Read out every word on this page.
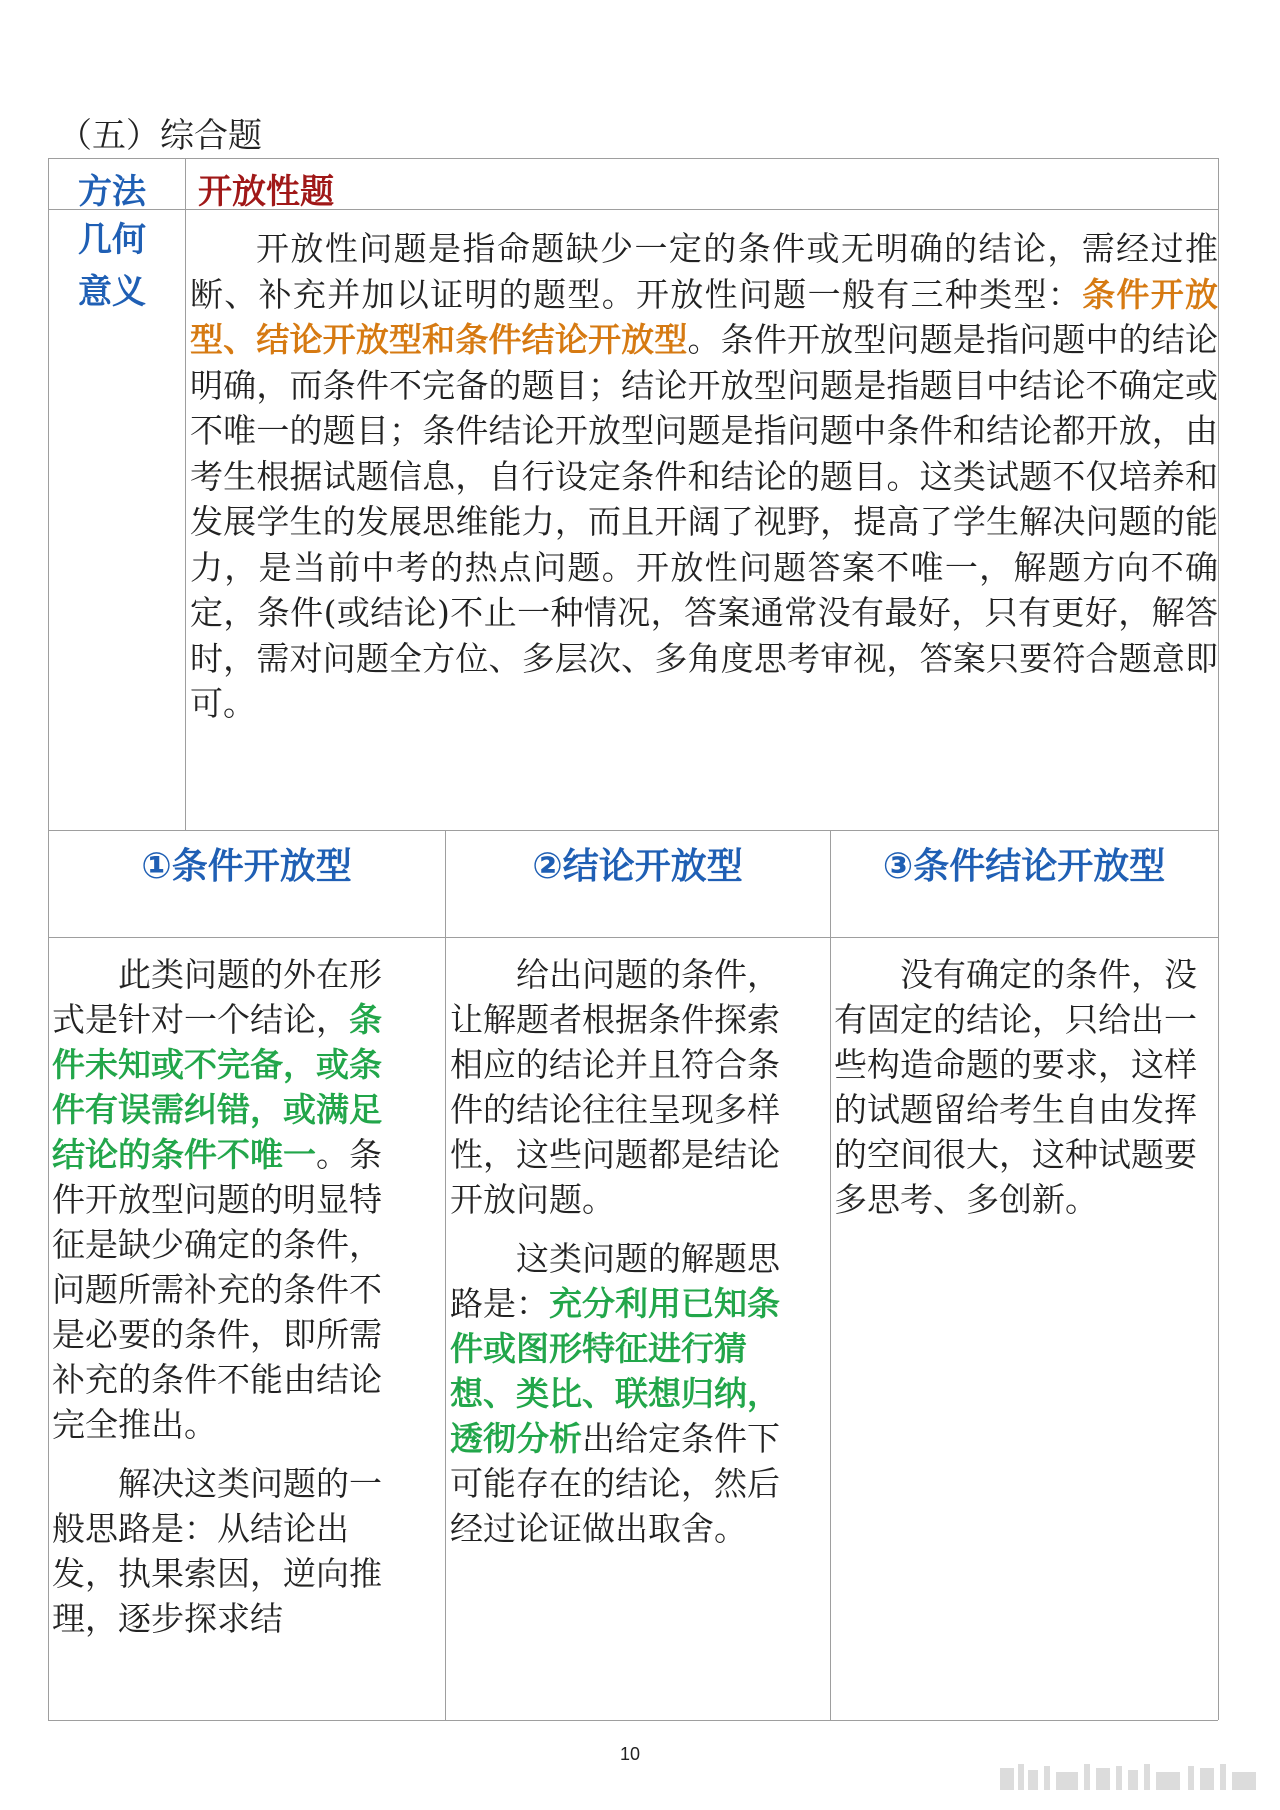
（五）综合题
方法 开放性题
几何
意义
开放性问题是指命题缺少一定的条件或无明确的结论，需经过推断、补充并加以证明的题型。开放性问题一般有三种类型：条件开放型、结论开放型和条件结论开放型。条件开放型问题是指问题中的结论明确，而条件不完备的题目；结论开放型问题是指题目中结论不确定或不唯一的题目；条件结论开放型问题是指问题中条件和结论都开放，由考生根据试题信息，自行设定条件和结论的题目。这类试题不仅培养和发展学生的发展思维能力，而且开阔了视野，提高了学生解决问题的能力，是当前中考的热点问题。开放性问题答案不唯一，解题方向不确定，条件(或结论)不止一种情况，答案通常没有最好，只有更好，解答时，需对问题全方位、多层次、多角度思考审视，答案只要符合题意即可。
①条件开放型	②结论开放型	③条件结论开放型

此类问题的外在形式是针对一个结论，条件未知或不完备，或条件有误需纠错，或满足结论的条件不唯一。条件开放型问题的明显特征是缺少确定的条件，问题所需补充的条件不是必要的条件，即所需补充的条件不能由结论完全推出。

解决这类问题的一般思路是：从结论出发，执果索因，逆向推理，逐步探求结

给出问题的条件，让解题者根据条件探索相应的结论并且符合条件的结论往往呈现多样性，这些问题都是结论开放问题。

这类问题的解题思路是：充分利用已知条件或图形特征进行猜想、类比、联想归纳，透彻分析出给定条件下可能存在的结论，然后经过论证做出取舍。

没有确定的条件，没有固定的结论，只给出一些构造命题的要求，这样的试题留给考生自由发挥的空间很大，这种试题要多思考、多创新。

10
